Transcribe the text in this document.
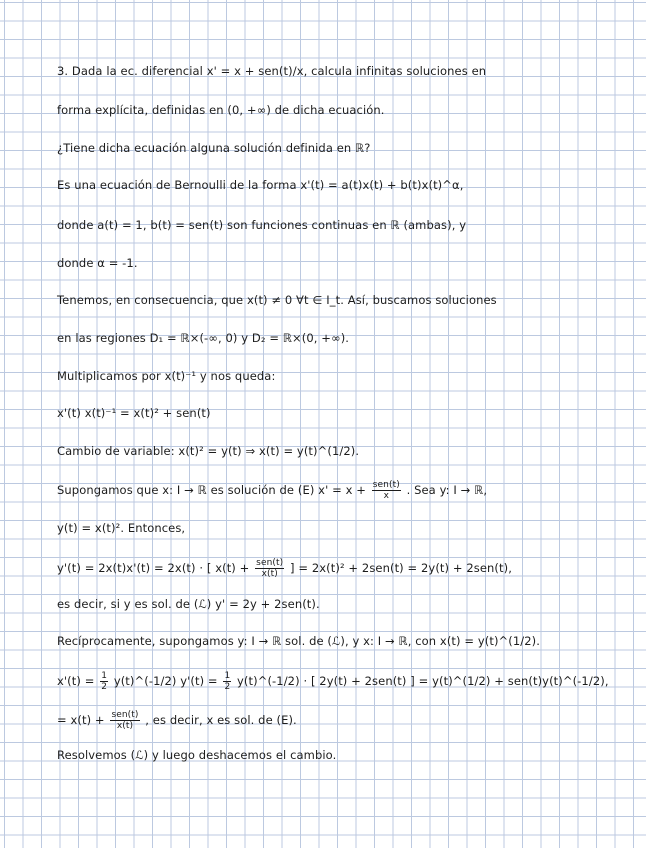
3. Dada la ec. diferencial x' = x + sen(t)/x, calcula infinitas soluciones en
forma explícita, definidas en (0, +∞) de dicha ecuación.
¿Tiene dicha ecuación alguna solución definida en ℝ?
Es una ecuación de Bernoulli de la forma x'(t) = a(t)x(t) + b(t)x(t)^α,
donde a(t) = 1, b(t) = sen(t) son funciones continuas en ℝ (ambas), y
donde α = -1.
Tenemos, en consecuencia, que x(t) ≠ 0 ∀t ∈ I_t. Así, buscamos soluciones
en las regiones D₁ = ℝ×(-∞, 0) y D₂ = ℝ×(0, +∞).
Multiplicamos por x(t)⁻¹ y nos queda:
x'(t) x(t)⁻¹ = x(t)² + sen(t)
Cambio de variable: x(t)² = y(t) ⇒ x(t) = y(t)^(1/2).
Supongamos que x: I → ℝ es solución de (E) $x' = x + \frac{\text{sen(t)}}{x}$ . Sea y: I → ℝ,
y(t) = x(t)². Entonces,
y'(t) = 2x(t)x'(t) = 2x(t) · [ $x(t) + \frac{\text{sen(t)}}{x(t)}$ ] = 2x(t)² + 2sen(t) = 2y(t) + 2sen(t),
es decir, si y es sol. de (ℒ) y' = 2y + 2sen(t).
Recíprocamente, supongamos y: I → ℝ sol. de (ℒ), y x: I → ℝ, con x(t) = y(t)^(1/2).
$x'(t) = \frac{1}{2}$ y(t)^(-1/2) $y'(t) = \frac{1}{2}$ y(t)^(-1/2) · [ 2y(t) + 2sen(t) ] = y(t)^(1/2) + sen(t)y(t)^(-1/2),
= $x(t) + \frac{\text{sen(t)}}{x(t)}$ , es decir, x es sol. de (E).
Resolvemos (ℒ) y luego deshacemos el cambio.
